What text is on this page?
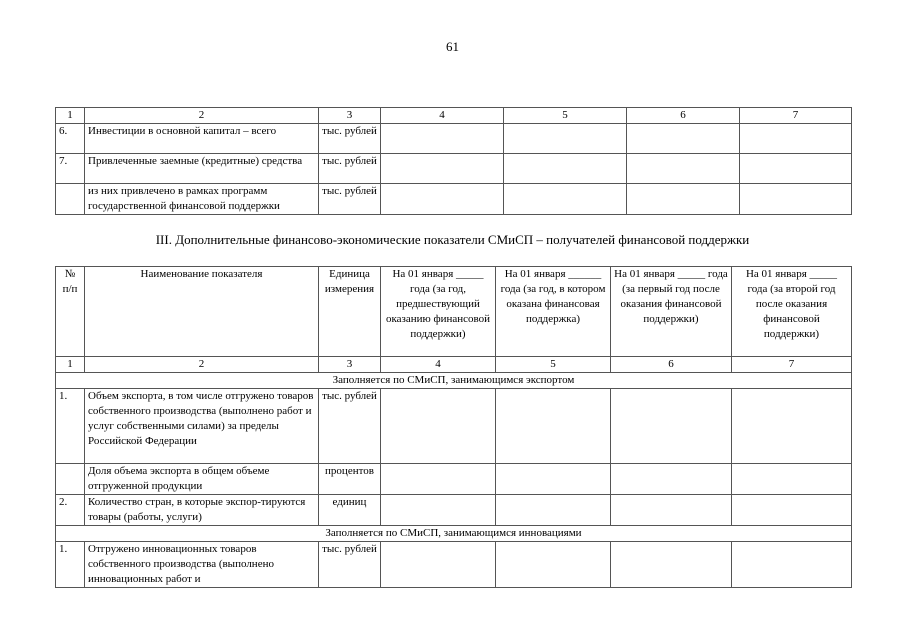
61
1	2	3	4	5	6	7
6.	Инвестиции в основной капитал – всего	тыс. рублей				
7.	Привлеченные заемные (кредитные) средства	тыс. рублей				
	из них привлечено в рамках программ государственной финансовой поддержки	тыс. рублей				
III. Дополнительные финансово-экономические показатели СМиСП – получателей финансовой поддержки
№ п/п	Наименование показателя	Единица измерения	На 01 января _____ года (за год, предшествующий оказанию финансовой поддержки)	На 01 января ______ года (за год, в котором оказана финансовая поддержка)	На 01 января _____ года (за первый год после оказания финансовой поддержки)	На 01 января _____ года (за второй год после оказания финансовой поддержки)
1	2	3	4	5	6	7
Заполняется по СМиСП, занимающимся экспортом						
1.	Объем экспорта, в том числе отгружено товаров собственного производства (выполнено работ и услуг собственными силами) за пределы Российской Федерации	тыс. рублей				
	Доля объема экспорта в общем объеме отгруженной продукции	процентов				
2.	Количество стран, в которые экспор-тируются товары (работы, услуги)	единиц				
Заполняется по СМиСП, занимающимся инновациями						
1.	Отгружено инновационных товаров собственного производства (выполнено инновационных работ и	тыс. рублей				
